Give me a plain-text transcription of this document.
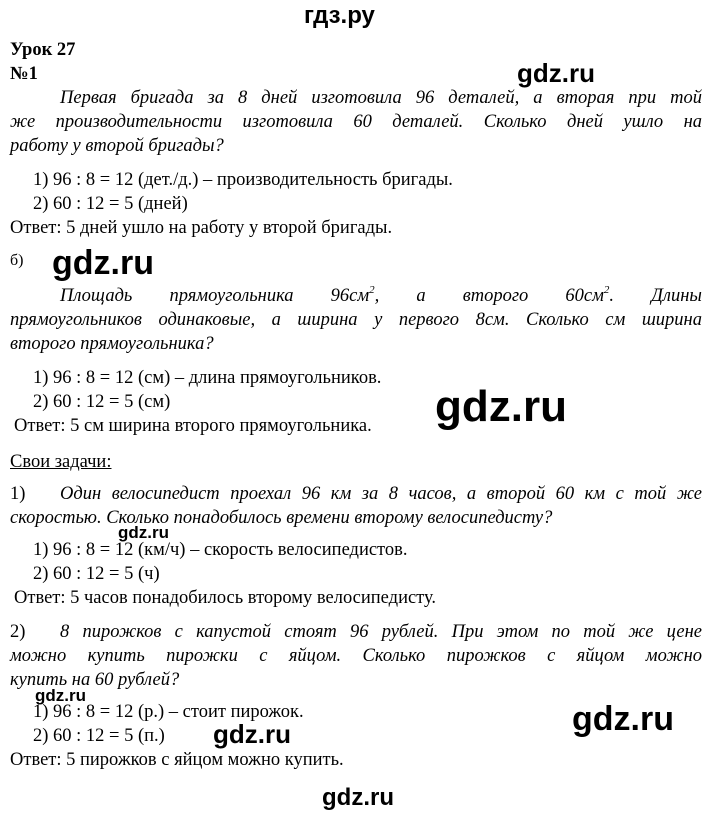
гдз.ру
gdz.ru
gdz.ru
gdz.ru
gdz.ru
gdz.ru
gdz.ru
gdz.ru
gdz.ru
Урок 27
№1
Первая бригада за 8 дней изготовила 96 деталей, а вторая при той
же производительности изготовила 60 деталей. Сколько дней ушло на
работу у второй бригады?
1) 96 : 8 = 12 (дет./д.) – производительность бригады.
2) 60 : 12 = 5 (дней)
Ответ: 5 дней ушло на работу у второй бригады.
б)
Площадь прямоугольника $96см^2$, а второго $60см^2$. Длины
прямоугольников одинаковые, а ширина у первого 8см. Сколько см ширина
второго прямоугольника?
1) 96 : 8 = 12 (см) – длина прямоугольников.
2) 60 : 12 = 5 (см)
Ответ: 5 см ширина второго прямоугольника.
Свои задачи:
1) Один велосипедист проехал 96 км за 8 часов, а второй 60 км с той же
скоростью. Сколько понадобилось времени второму велосипедисту?
1) 96 : 8 = 12 (км/ч) – скорость велосипедистов.
2) 60 : 12 = 5 (ч)
Ответ: 5 часов понадобилось второму велосипедисту.
2) 8 пирожков с капустой стоят 96 рублей. При этом по той же цене
можно купить пирожки с яйцом. Сколько пирожков с яйцом можно
купить на 60 рублей?
1) 96 : 8 = 12 (р.) – стоит пирожок.
2) 60 : 12 = 5 (п.)
Ответ: 5 пирожков с яйцом можно купить.
